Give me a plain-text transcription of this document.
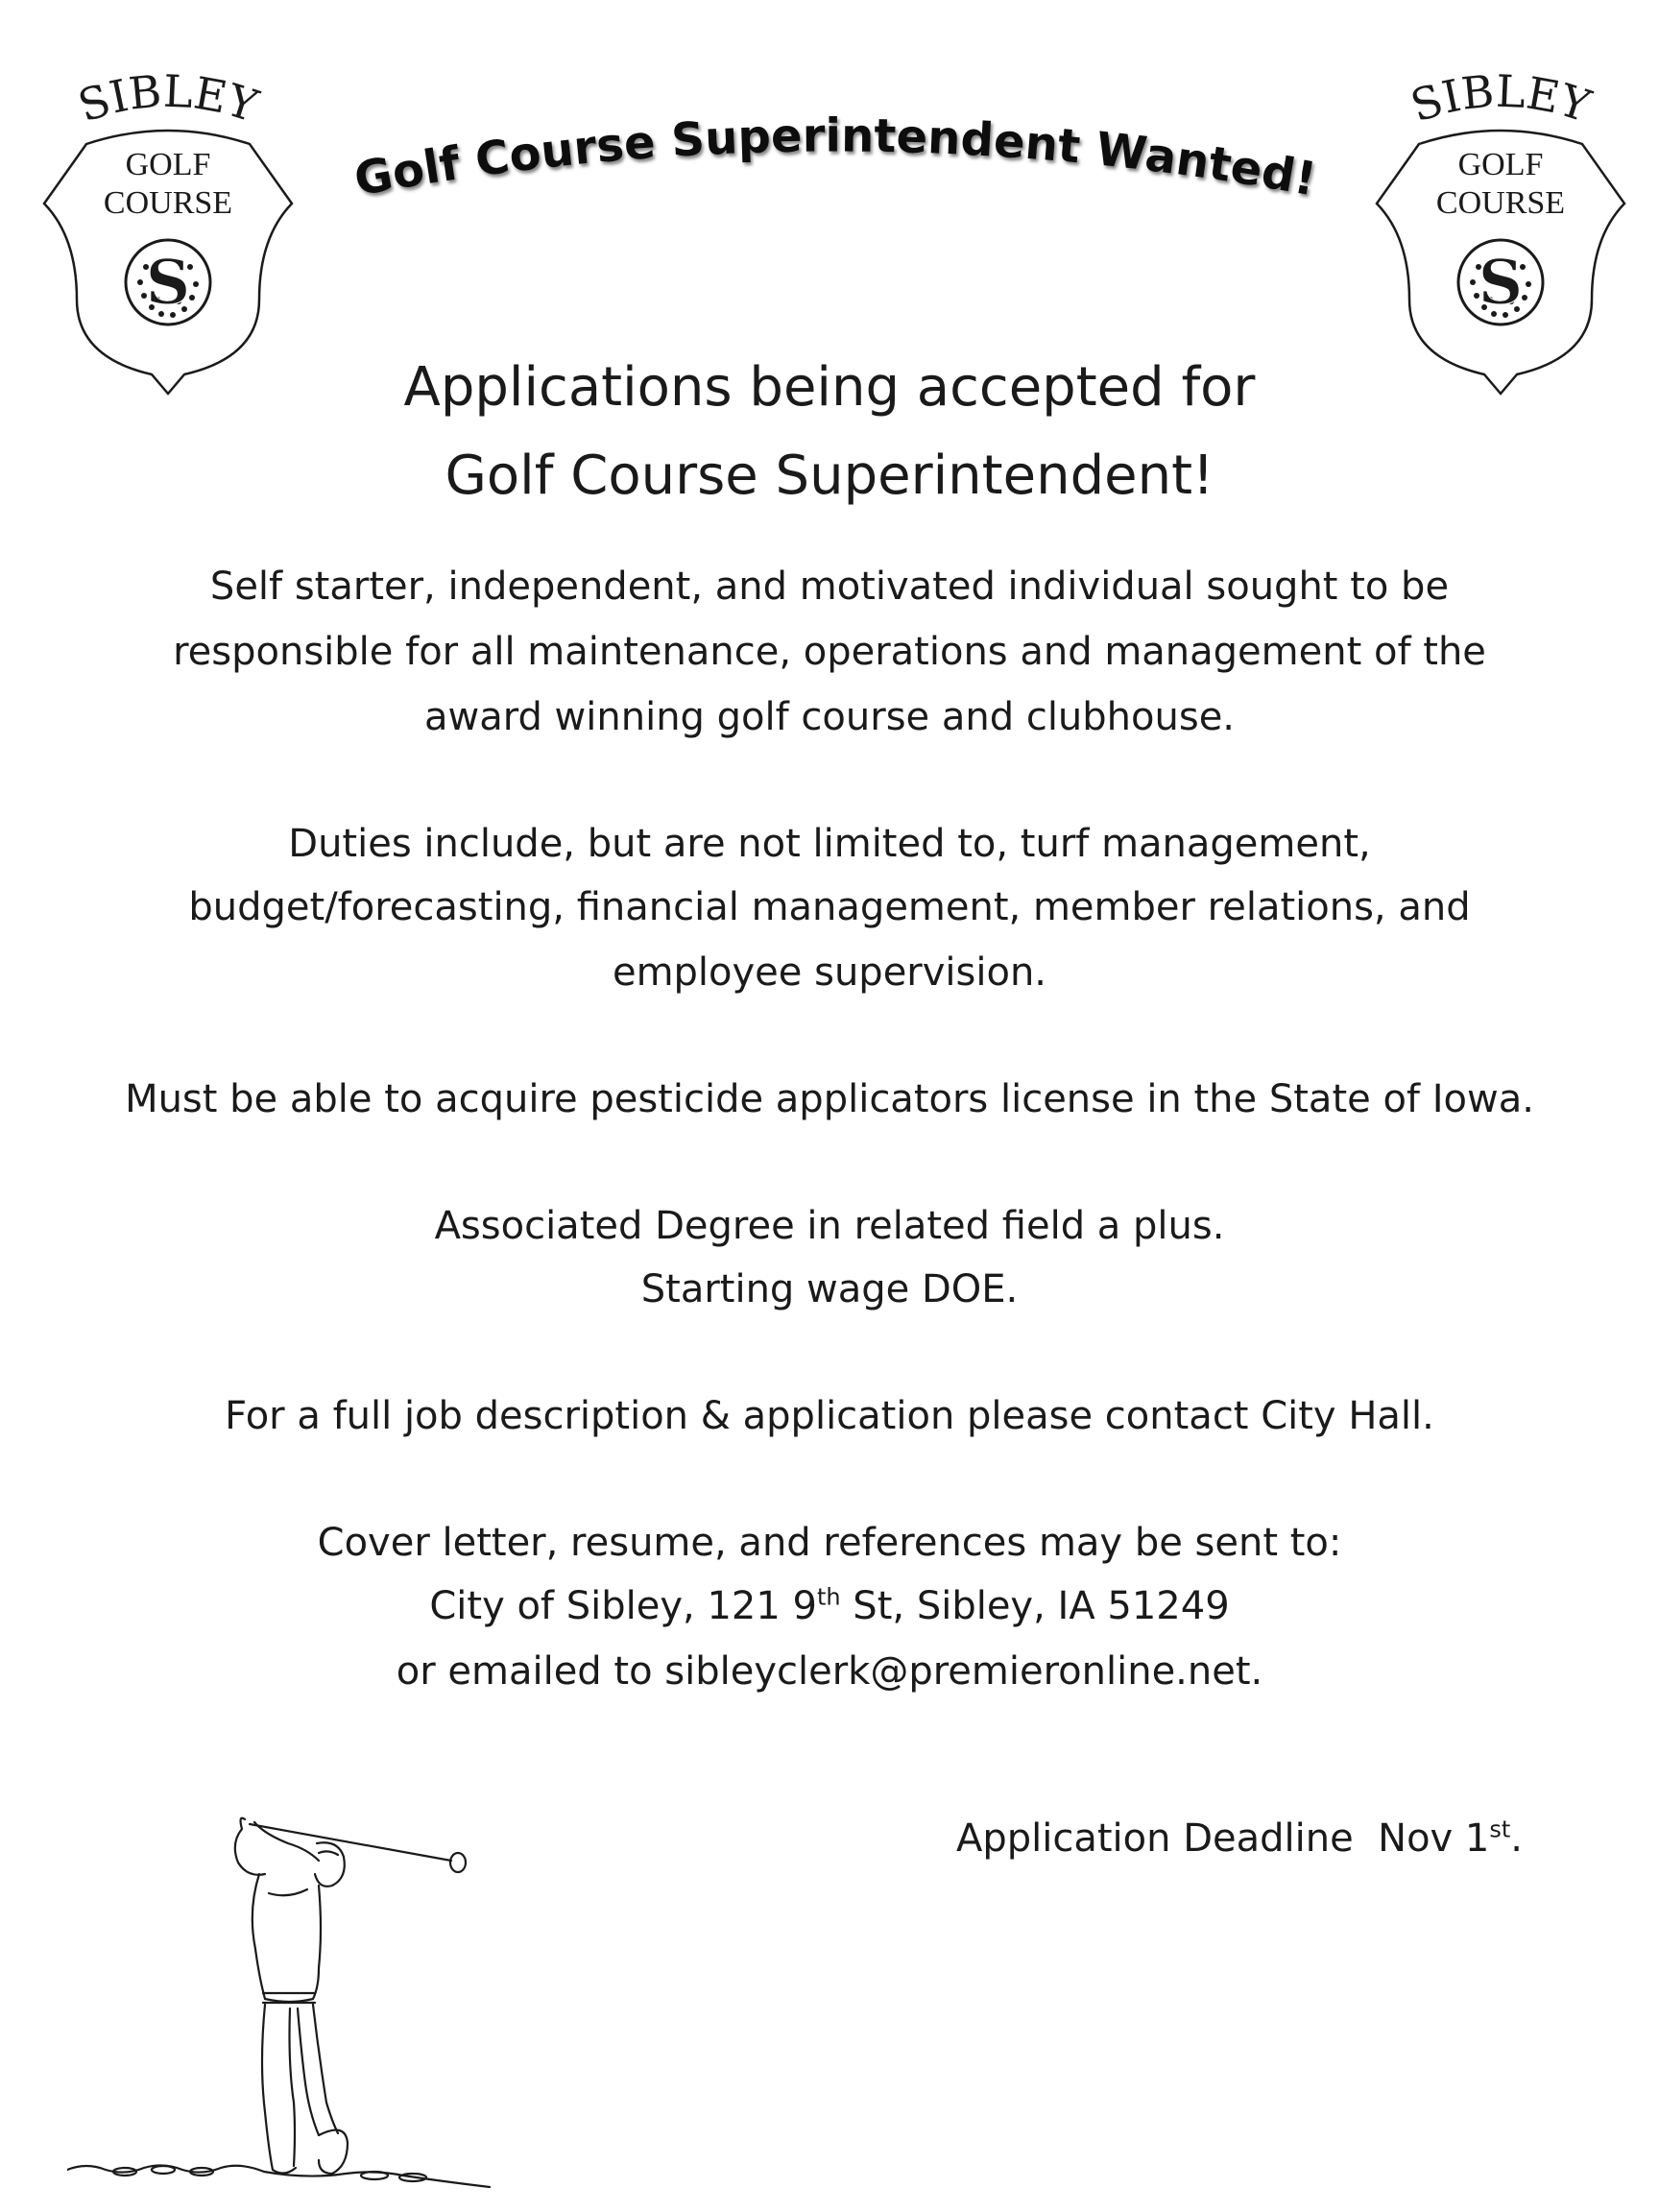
SIBLEY
GOLF
COURSE
S
SIBLEY
GOLF
COURSE
S
Golf Course Superintendent Wanted!
Applications being accepted for
Golf Course Superintendent!

Self starter, independent, and motivated individual sought to be

responsible for all maintenance, operations and management of the

award winning golf course and clubhouse.

Duties include, but are not limited to, turf management,

budget/forecasting, financial management, member relations, and

employee supervision.

Must be able to acquire pesticide applicators license in the State of Iowa.

Associated Degree in related field a plus.

Starting wage DOE.

For a full job description & application please contact City Hall.

Cover letter, resume, and references may be sent to:

City of Sibley, 121 9th St, Sibley, IA 51249

or emailed to sibleyclerk@premieronline.net.

Application Deadline  Nov 1st.
